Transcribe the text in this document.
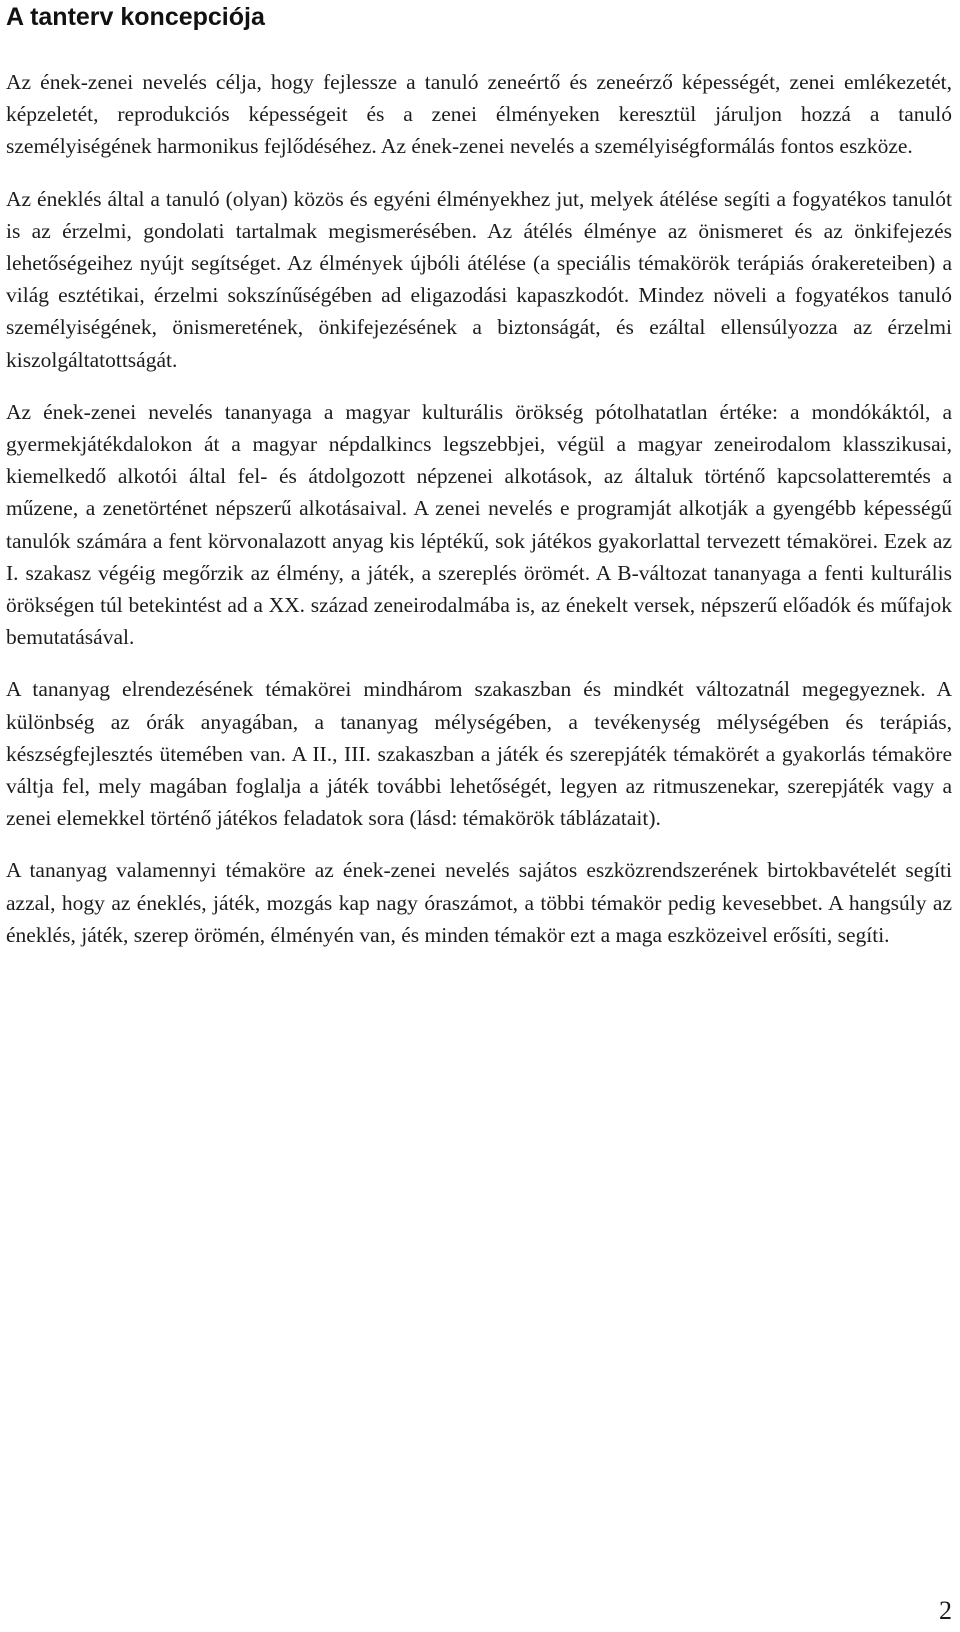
A tanterv koncepciója

Az ének-zenei nevelés célja, hogy fejlessze a tanuló zeneértő és zeneérző képességét, zenei emlékezetét, képzeletét, reprodukciós képességeit és a zenei élményeken keresztül járuljon hozzá a tanuló személyiségének harmonikus fejlődéséhez. Az ének-zenei nevelés a személyiségformálás fontos eszköze.

Az éneklés által a tanuló (olyan) közös és egyéni élményekhez jut, melyek átélése segíti a fogyatékos tanulót is az érzelmi, gondolati tartalmak megismerésében. Az átélés élménye az önismeret és az önkifejezés lehetőségeihez nyújt segítséget. Az élmények újbóli átélése (a speciális témakörök terápiás órakereteiben) a világ esztétikai, érzelmi sokszínűségében ad eligazodási kapaszkodót. Mindez növeli a fogyatékos tanuló személyiségének, önismeretének, önkifejezésének a biztonságát, és ezáltal ellensúlyozza az érzelmi kiszolgáltatottságát.

Az ének-zenei nevelés tananyaga a magyar kulturális örökség pótolhatatlan értéke: a mondókáktól, a gyermekjátékdalokon át a magyar népdalkincs legszebbjei, végül a magyar zeneirodalom klasszikusai, kiemelkedő alkotói által fel- és átdolgozott népzenei alkotások, az általuk történő kapcsolatteremtés a műzene, a zenetörténet népszerű alkotásaival. A zenei nevelés e programját alkotják a gyengébb képességű tanulók számára a fent körvonalazott anyag kis léptékű, sok játékos gyakorlattal tervezett témakörei. Ezek az I. szakasz végéig megőrzik az élmény, a játék, a szereplés örömét. A B-változat tananyaga a fenti kulturális örökségen túl betekintést ad a XX. század zeneirodalmába is, az énekelt versek, népszerű előadók és műfajok bemutatásával.

A tananyag elrendezésének témakörei mindhárom szakaszban és mindkét változatnál megegyeznek. A különbség az órák anyagában, a tananyag mélységében, a tevékenység mélységében és terápiás, készségfejlesztés ütemében van. A II., III. szakaszban a játék és szerepjáték témakörét a gyakorlás témaköre váltja fel, mely magában foglalja a játék további lehetőségét, legyen az ritmuszenekar, szerepjáték vagy a zenei elemekkel történő játékos feladatok sora (lásd: témakörök táblázatait).

A tananyag valamennyi témaköre az ének-zenei nevelés sajátos eszközrendszerének birtokbavételét segíti azzal, hogy az éneklés, játék, mozgás kap nagy óraszámot, a többi témakör pedig kevesebbet. A hangsúly az éneklés, játék, szerep örömén, élményén van, és minden témakör ezt a maga eszközeivel erősíti, segíti.

2
